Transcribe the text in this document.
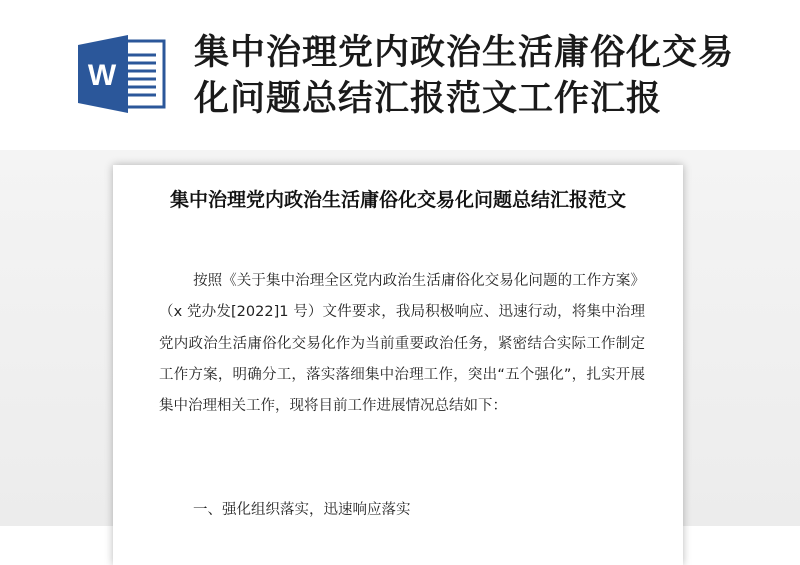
W
集中治理党内政治生活庸俗化交易化问题总结汇报范文工作汇报
集中治理党内政治生活庸俗化交易化问题总结汇报范文

按照《关于集中治理全区党内政治生活庸俗化交易化问题的工作方案》（x 党办发[2022]1 号）文件要求，我局积极响应、迅速行动，将集中治理党内政治生活庸俗化交易化作为当前重要政治任务，紧密结合实际工作制定工作方案，明确分工，落实落细集中治理工作，突出“五个强化”，扎实开展集中治理相关工作，现将目前工作进展情况总结如下：

一、强化组织落实，迅速响应落实
